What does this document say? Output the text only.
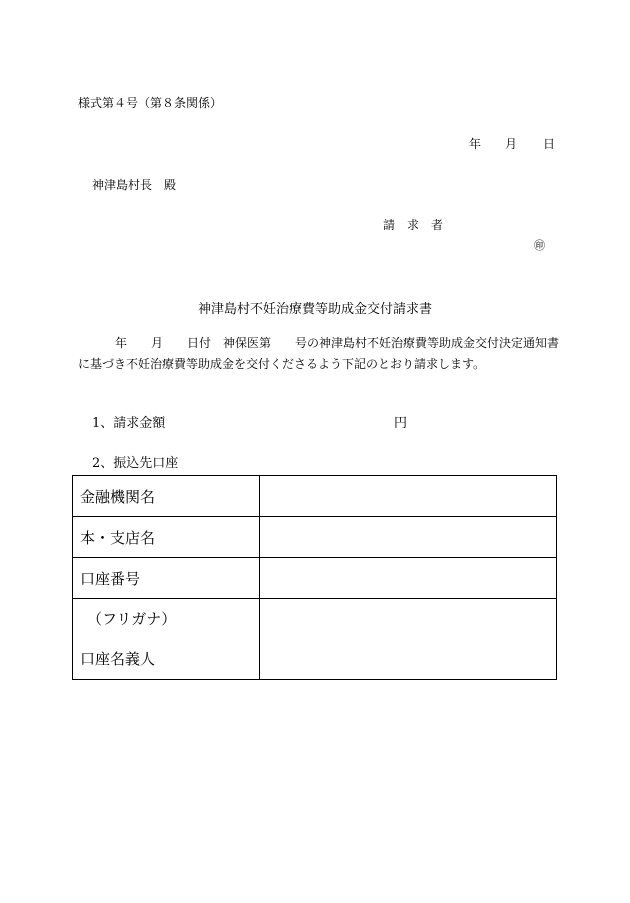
様式第４号（第８条関係）
年 月 日
神津島村長　殿
請　求　者
㊞
神津島村不妊治療費等助成金交付請求書
年　　月　　日付　神保医第　　号の神津島村不妊治療費等助成金交付決定通知書
に基づき不妊治療費等助成金を交付くださるよう下記のとおり請求します。
1、請求金額	円
2、振込先口座
金融機関名	
本・支店名	
口座番号	

（フリガナ）
口座名義人	
